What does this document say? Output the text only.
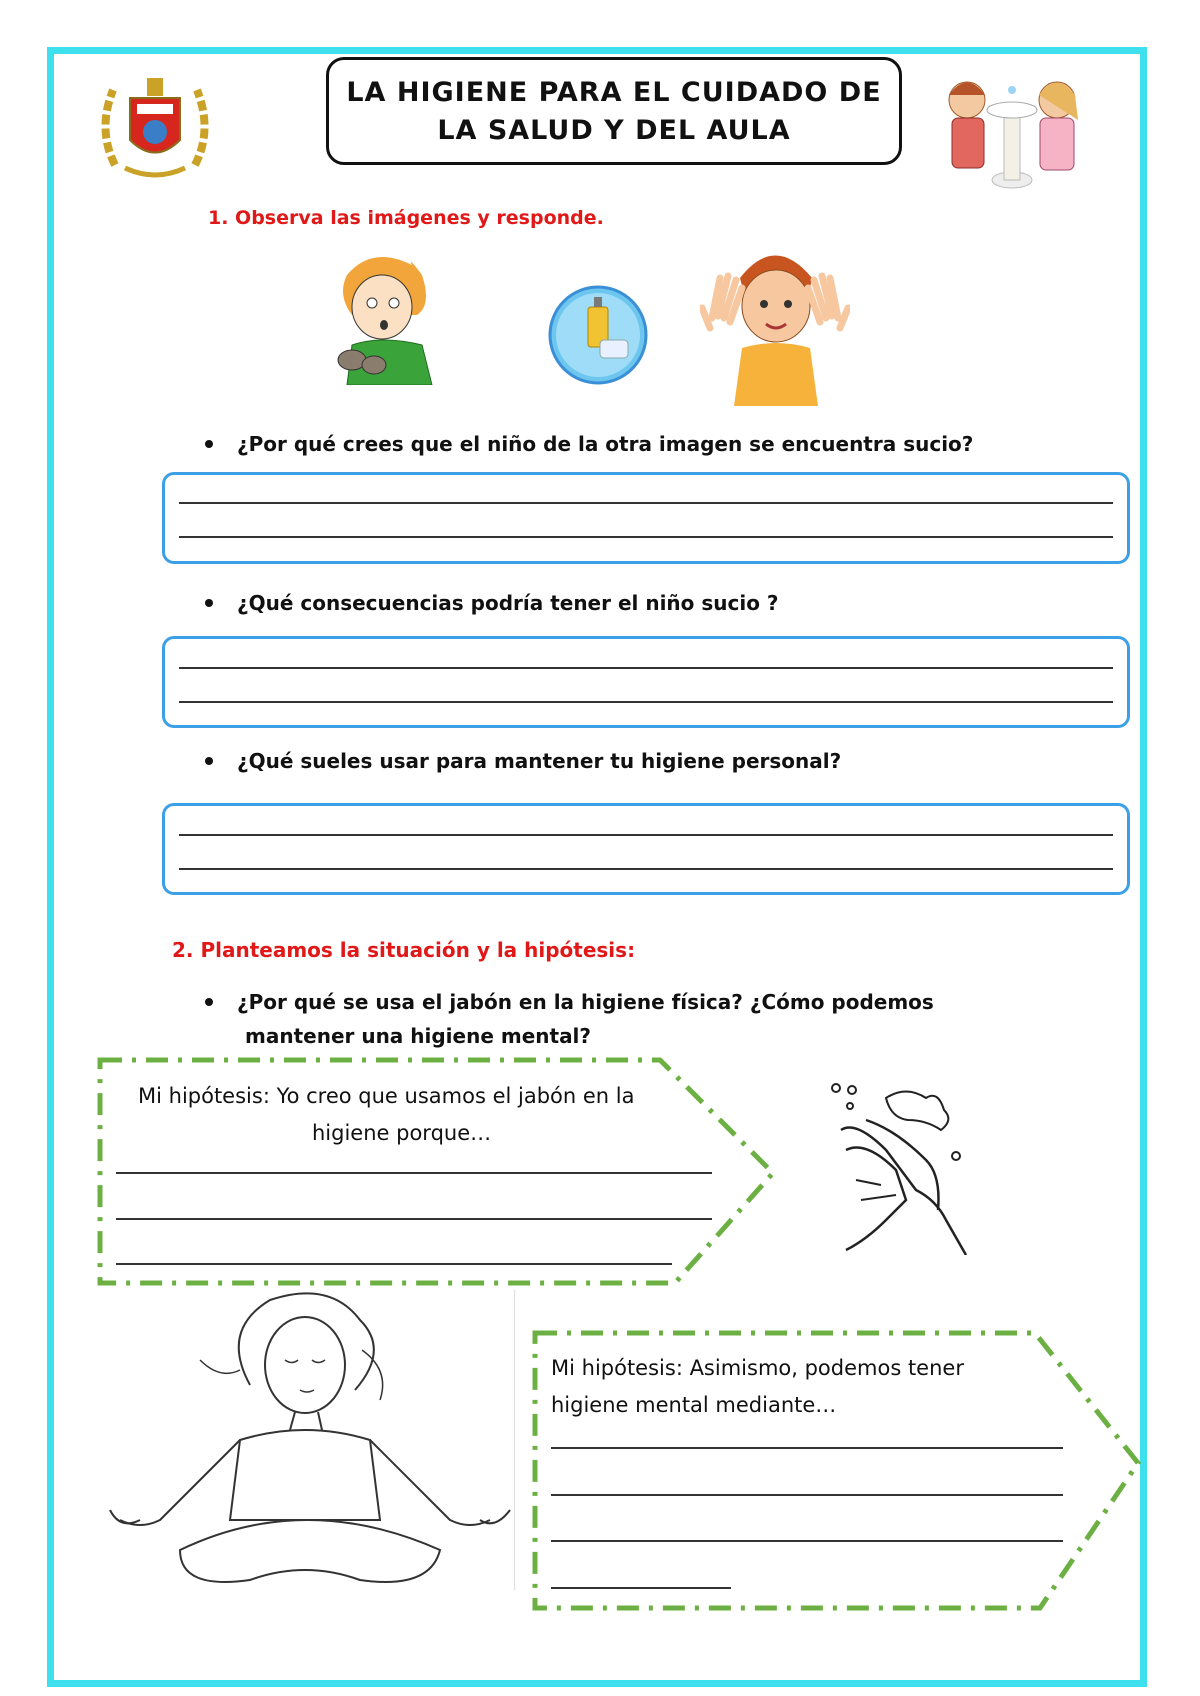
LA HIGIENE PARA EL CUIDADO DE
LA SALUD Y DEL AULA
1. Observa las imágenes y responde.
¿Por qué crees que el niño de la otra imagen se encuentra sucio?
¿Qué consecuencias podría tener el niño sucio ?
¿Qué sueles usar para mantener tu higiene personal?
2. Planteamos la situación y la hipótesis:
¿Por qué se usa el jabón en la higiene física? ¿Cómo podemos
mantener una higiene mental?
Mi hipótesis: Yo creo que usamos el jabón en la
higiene porque…
Mi hipótesis: Asimismo, podemos tener
higiene mental mediante…
